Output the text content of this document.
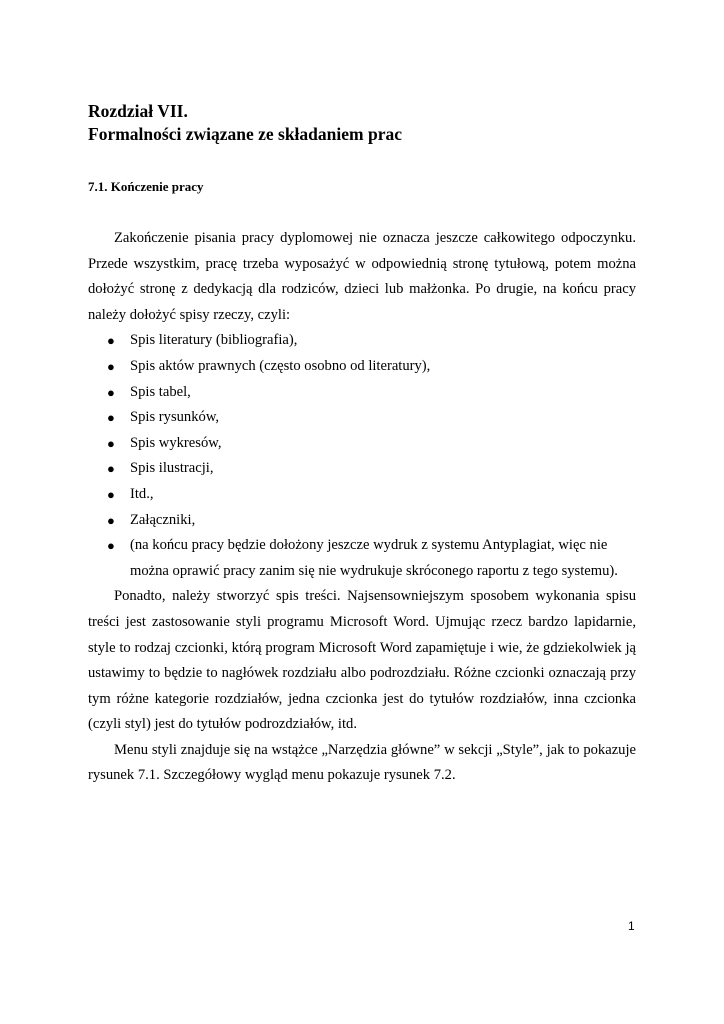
Rozdział VII.
Formalności związane ze składaniem prac
7.1. Kończenie pracy

Zakończenie pisania pracy dyplomowej nie oznacza jeszcze całkowitego odpoczynku. Przede wszystkim, pracę trzeba wyposażyć w odpowiednią stronę tytułową, potem można dołożyć stronę z dedykacją dla rodziców, dzieci lub małżonka. Po drugie, na końcu pracy należy dołożyć spisy rzeczy, czyli:

● Spis literatury (bibliografia),
● Spis aktów prawnych (często osobno od literatury),
● Spis tabel,
● Spis rysunków,
● Spis wykresów,
● Spis ilustracji,
● Itd.,
● Załączniki,
● (na końcu pracy będzie dołożony jeszcze wydruk z systemu Antyplagiat, więc nie można oprawić pracy zanim się nie wydrukuje skróconego raportu z tego systemu).

Ponadto, należy stworzyć spis treści. Najsensowniejszym sposobem wykonania spisu treści jest zastosowanie styli programu Microsoft Word. Ujmując rzecz bardzo lapidarnie, style to rodzaj czcionki, którą program Microsoft Word zapamiętuje i wie, że gdziekolwiek ją ustawimy to będzie to nagłówek rozdziału albo podrozdziału. Różne czcionki oznaczają przy tym różne kategorie rozdziałów, jedna czcionka jest do tytułów rozdziałów, inna czcionka (czyli styl) jest do tytułów podrozdziałów, itd.

Menu styli znajduje się na wstążce „Narzędzia główne” w sekcji „Style”, jak to pokazuje rysunek 7.1. Szczegółowy wygląd menu pokazuje rysunek 7.2.

1
